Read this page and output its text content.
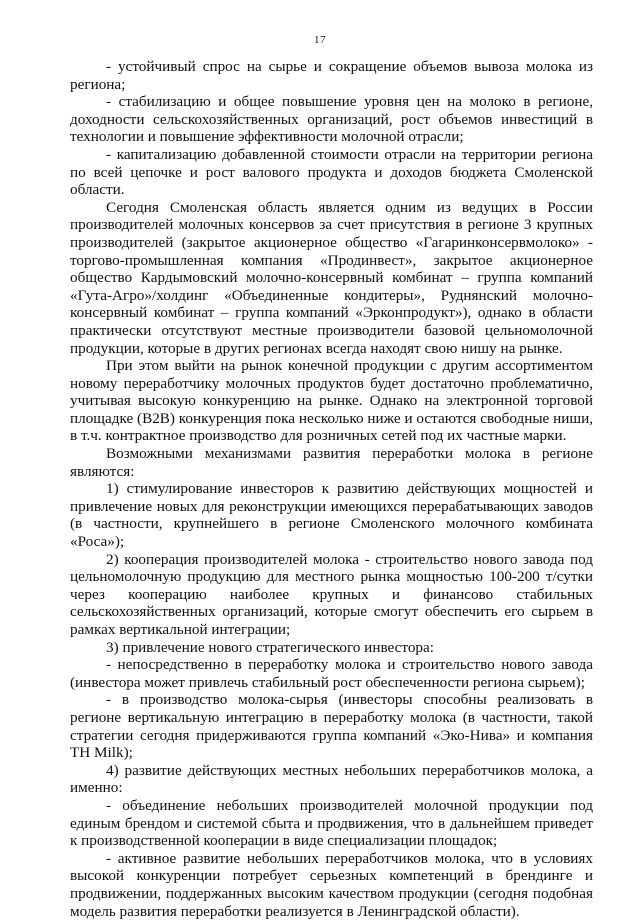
17

- устойчивый спрос на сырье и сокращение объемов вывоза молока из региона;

- стабилизацию и общее повышение уровня цен на молоко в регионе, доходности сельскохозяйственных организаций, рост объемов инвестиций в технологии и повышение эффективности молочной отрасли;

- капитализацию добавленной стоимости отрасли на территории региона по всей цепочке и рост валового продукта и доходов бюджета Смоленской области.

Сегодня Смоленская область является одним из ведущих в России производителей молочных консервов за счет присутствия в регионе 3 крупных производителей (закрытое акционерное общество «Гагаринконсервмолоко» - торгово-промышленная компания «Продинвест», закрытое акционерное общество Кардымовский молочно-консервный комбинат – группа компаний «Гута-Агро»/холдинг «Объединенные кондитеры», Руднянский молочно-консервный комбинат – группа компаний «Эрконпродукт»), однако в области практически отсутствуют местные производители базовой цельномолочной продукции, которые в других регионах всегда находят свою нишу на рынке.

При этом выйти на рынок конечной продукции с другим ассортиментом новому переработчику молочных продуктов будет достаточно проблематично, учитывая высокую конкуренцию на рынке. Однако на электронной торговой площадке (B2B) конкуренция пока несколько ниже и остаются свободные ниши, в т.ч. контрактное производство для розничных сетей под их частные марки.

Возможными механизмами развития переработки молока в регионе являются:

1) стимулирование инвесторов к развитию действующих мощностей и привлечение новых для реконструкции имеющихся перерабатывающих заводов (в частности, крупнейшего в регионе Смоленского молочного комбината «Роса»);

2) кооперация производителей молока - строительство нового завода под цельномолочную продукцию для местного рынка мощностью 100-200 т/сутки через кооперацию наиболее крупных и финансово стабильных сельскохозяйственных организаций, которые смогут обеспечить его сырьем в рамках вертикальной интеграции;

3) привлечение нового стратегического инвестора:

- непосредственно в переработку молока и строительство нового завода (инвестора может привлечь стабильный рост обеспеченности региона сырьем);

- в производство молока-сырья (инвесторы способны реализовать в регионе вертикальную интеграцию в переработку молока (в частности, такой стратегии сегодня придерживаются группа компаний «Эко-Нива» и компания TH Milk);

4) развитие действующих местных небольших переработчиков молока, а именно:

- объединение небольших производителей молочной продукции под единым брендом и системой сбыта и продвижения, что в дальнейшем приведет к производственной кооперации в виде специализации площадок;

- активное развитие небольших переработчиков молока, что в условиях высокой конкуренции потребует серьезных компетенций в брендинге и продвижении, поддержанных высоким качеством продукции (сегодня подобная модель развития переработки реализуется в Ленинградской области).
